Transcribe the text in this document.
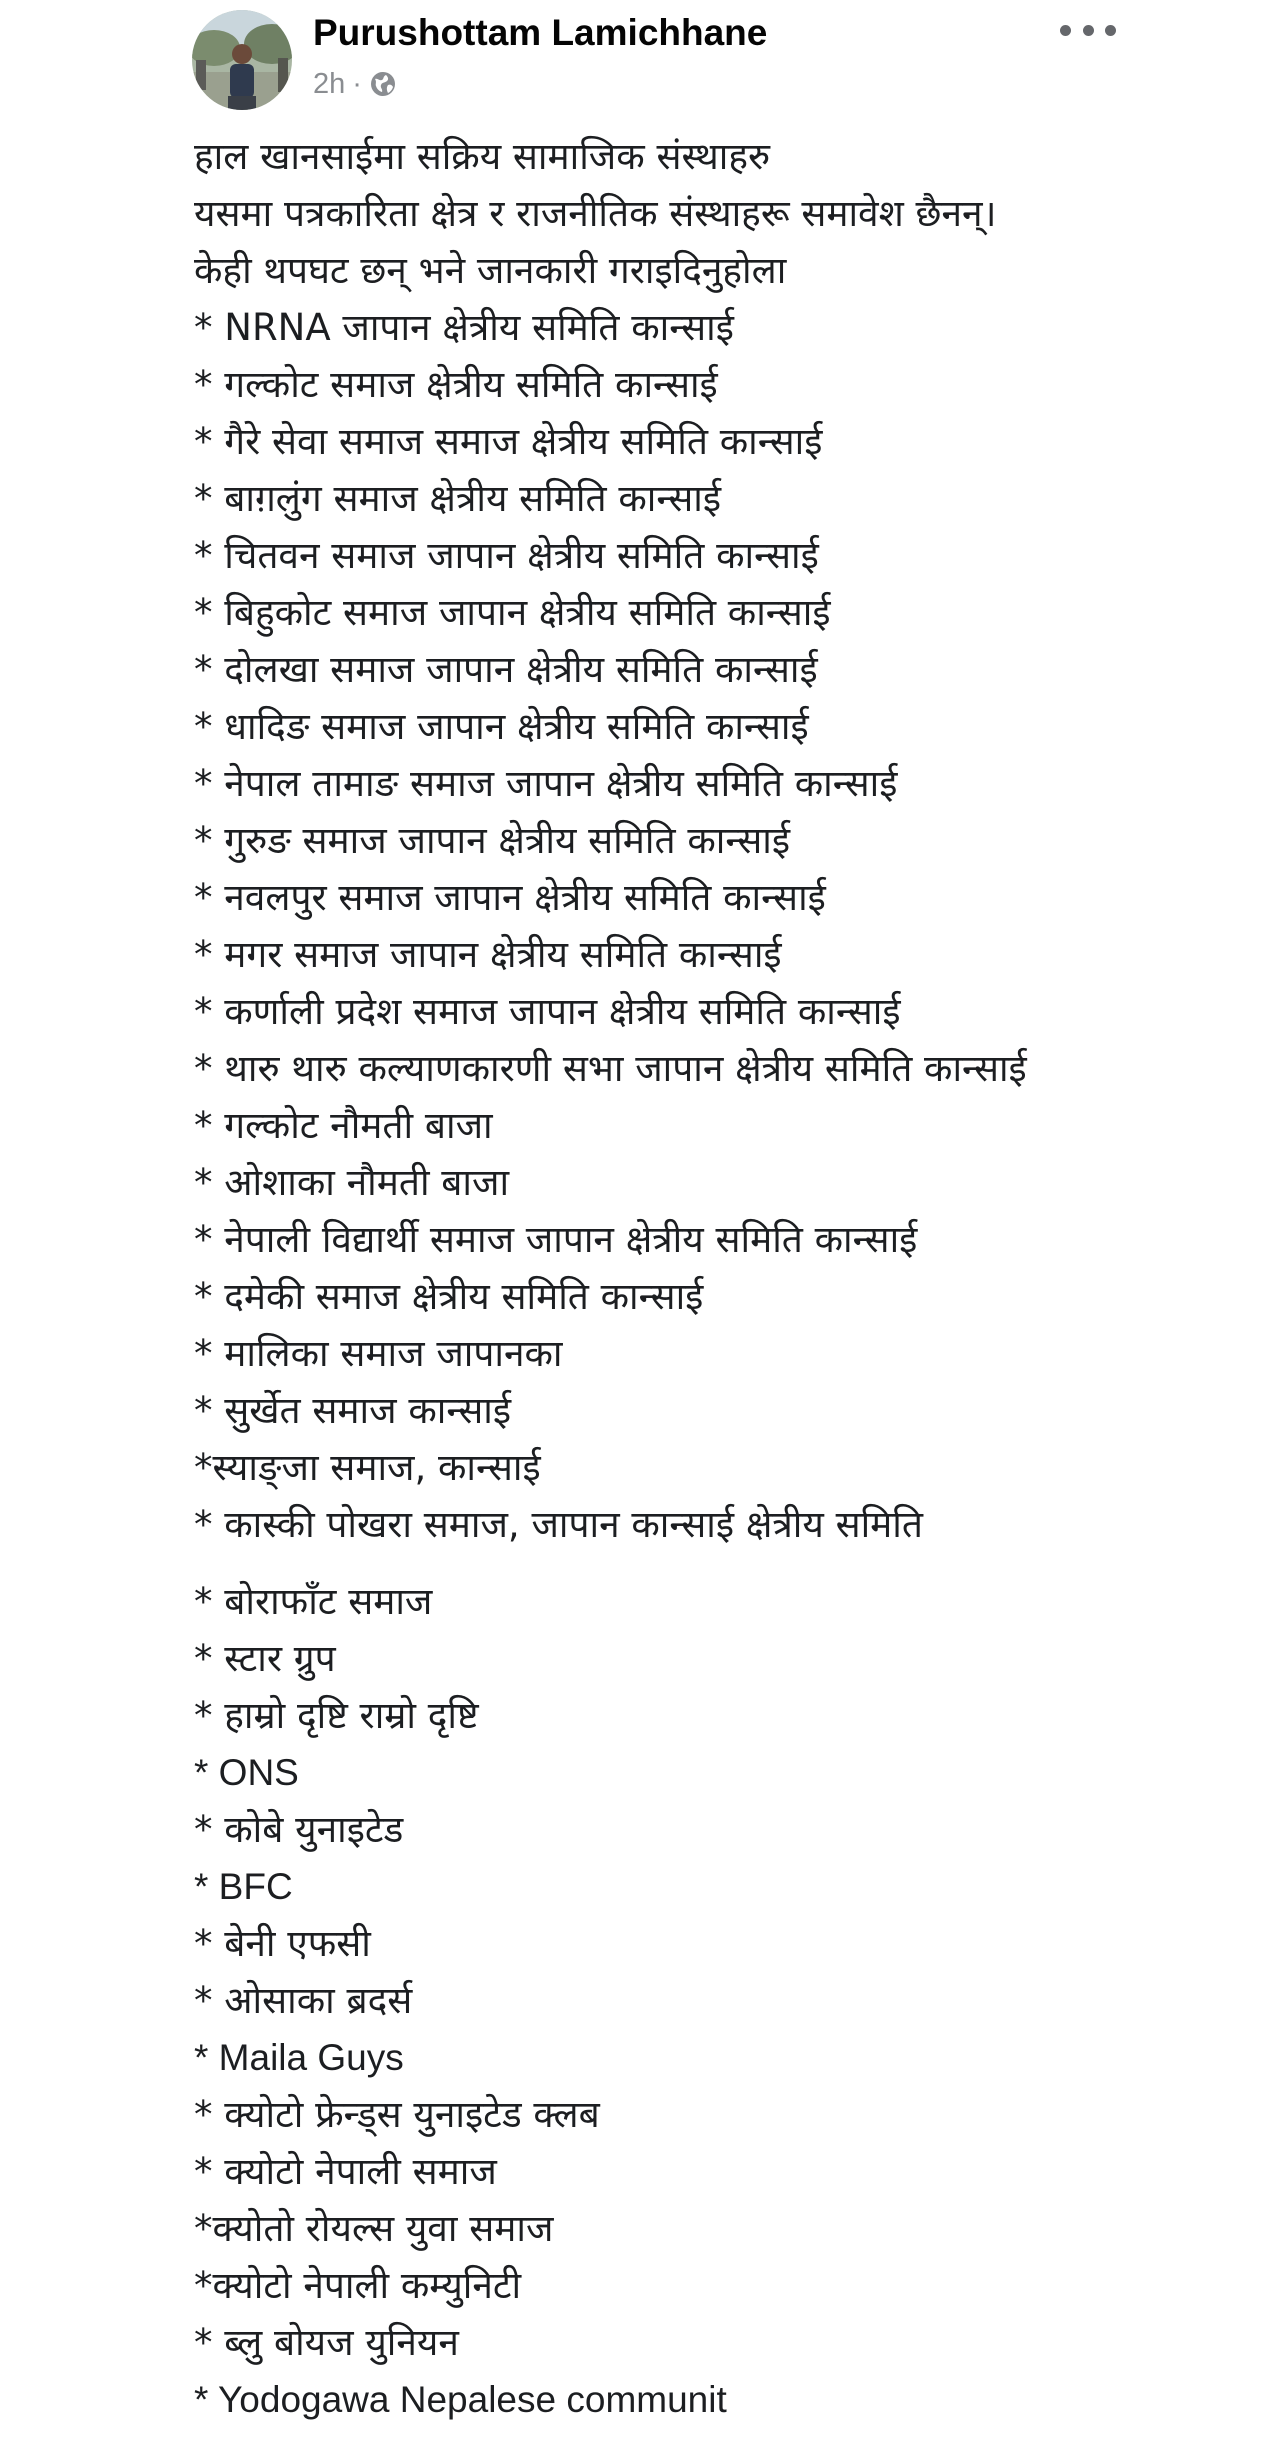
Purushottam Lamichhane
2h ·
हाल खानसाईमा सक्रिय सामाजिक संस्थाहरु
यसमा पत्रकारिता क्षेत्र र राजनीतिक संस्थाहरू समावेश छैनन्।
केही थपघट छन् भने जानकारी गराइदिनुहोला
* NRNA जापान क्षेत्रीय समिति कान्साई
* गल्कोट समाज क्षेत्रीय समिति कान्साई
* गैरे सेवा समाज समाज क्षेत्रीय समिति कान्साई
* बाग़लुंग समाज क्षेत्रीय समिति कान्साई
* चितवन समाज जापान क्षेत्रीय समिति कान्साई
* बिहुकोट समाज जापान क्षेत्रीय समिति कान्साई
* दोलखा समाज जापान क्षेत्रीय समिति कान्साई
* धादिङ समाज जापान क्षेत्रीय समिति कान्साई
* नेपाल तामाङ समाज जापान क्षेत्रीय समिति कान्साई
* गुरुङ समाज जापान क्षेत्रीय समिति कान्साई
* नवलपुर समाज जापान क्षेत्रीय समिति कान्साई
* मगर समाज जापान क्षेत्रीय समिति कान्साई
* कर्णाली प्रदेश समाज जापान क्षेत्रीय समिति कान्साई
* थारु थारु कल्याणकारणी सभा जापान क्षेत्रीय समिति कान्साई
* गल्कोट नौमती बाजा
* ओशाका नौमती बाजा
* नेपाली विद्यार्थी समाज जापान क्षेत्रीय समिति कान्साई
* दमेकी समाज क्षेत्रीय समिति कान्साई
* मालिका समाज जापानका
* सुर्खेत समाज कान्साई
*स्याङ्जा समाज, कान्साई
* कास्की पोखरा समाज, जापान कान्साई क्षेत्रीय समिति
* बोराफाँट समाज
* स्टार ग्रुप
* हाम्रो दृष्टि राम्रो दृष्टि
* ONS
* कोबे युनाइटेड
* BFC
* बेनी एफसी
* ओसाका ब्रदर्स
* Maila Guys
* क्योटो फ्रेन्ड्स युनाइटेड क्लब
* क्योटो नेपाली समाज
*क्योतो रोयल्स युवा समाज
*क्योटो नेपाली कम्युनिटी
* ब्लु बोयज युनियन
* Yodogawa Nepalese communit
